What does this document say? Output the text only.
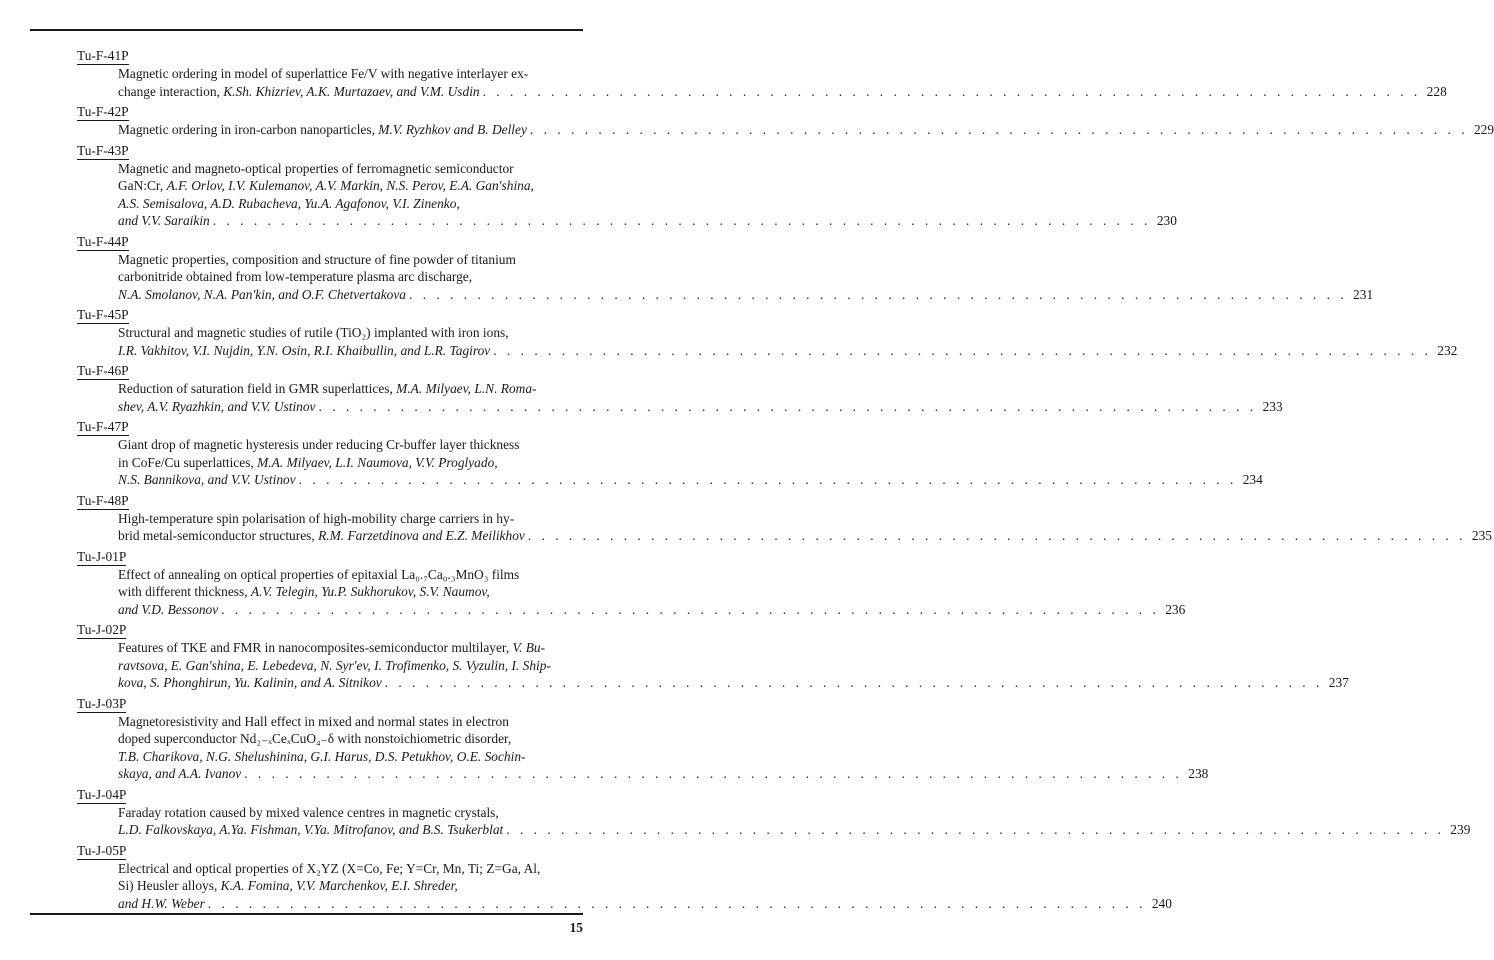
Tu-F-41P
Magnetic ordering in model of superlattice Fe/V with negative interlayer ex-
change interaction, K.Sh. Khizriev, A.K. Murtazaev, and V.M. Usdin . . . . . . . . . . . . . . . . . . . . . . . . . . . . . . . . . . . . . . . . . . . . . . . . . . . . . . . . . . . . . . . . . . . . . 228
Tu-F-42P
Magnetic ordering in iron-carbon nanoparticles, M.V. Ryzhkov and B. Delley . . . . . . . . . . . . . . . . . . . . . . . . . . . . . . . . . . . . . . . . . . . . . . . . . . . . . . . . . . . . . . . . . . . . . 229
Tu-F-43P
Magnetic and magneto-optical properties of ferromagnetic semiconductor
GaN:Cr, A.F. Orlov, I.V. Kulemanov, A.V. Markin, N.S. Perov, E.A. Gan'shina,
A.S. Semisalova, A.D. Rubacheva, Yu.A. Agafonov, V.I. Zinenko,
and V.V. Saraikin . . . . . . . . . . . . . . . . . . . . . . . . . . . . . . . . . . . . . . . . . . . . . . . . . . . . . . . . . . . . . . . . . . . . . 230
Tu-F-44P
Magnetic properties, composition and structure of fine powder of titanium
carbonitride obtained from low-temperature plasma arc discharge,
N.A. Smolanov, N.A. Pan'kin, and O.F. Chetvertakova . . . . . . . . . . . . . . . . . . . . . . . . . . . . . . . . . . . . . . . . . . . . . . . . . . . . . . . . . . . . . . . . . . . . . 231
Tu-F-45P
Structural and magnetic studies of rutile (TiO₂) implanted with iron ions,
I.R. Vakhitov, V.I. Nujdin, Y.N. Osin, R.I. Khaibullin, and L.R. Tagirov . . . . . . . . . . . . . . . . . . . . . . . . . . . . . . . . . . . . . . . . . . . . . . . . . . . . . . . . . . . . . . . . . . . . . 232
Tu-F-46P
Reduction of saturation field in GMR superlattices, M.A. Milyaev, L.N. Roma-
shev, A.V. Ryazhkin, and V.V. Ustinov . . . . . . . . . . . . . . . . . . . . . . . . . . . . . . . . . . . . . . . . . . . . . . . . . . . . . . . . . . . . . . . . . . . . . 233
Tu-F-47P
Giant drop of magnetic hysteresis under reducing Cr-buffer layer thickness
in CoFe/Cu superlattices, M.A. Milyaev, L.I. Naumova, V.V. Proglyado,
N.S. Bannikova, and V.V. Ustinov . . . . . . . . . . . . . . . . . . . . . . . . . . . . . . . . . . . . . . . . . . . . . . . . . . . . . . . . . . . . . . . . . . . . . 234
Tu-F-48P
High-temperature spin polarisation of high-mobility charge carriers in hy-
brid metal-semiconductor structures, R.M. Farzetdinova and E.Z. Meilikhov . . . . . . . . . . . . . . . . . . . . . . . . . . . . . . . . . . . . . . . . . . . . . . . . . . . . . . . . . . . . . . . . . . . . . 235
Tu-J-01P
Effect of annealing on optical properties of epitaxial La₀.₇Ca₀.₃MnO₃ films
with different thickness, A.V. Telegin, Yu.P. Sukhorukov, S.V. Naumov,
and V.D. Bessonov . . . . . . . . . . . . . . . . . . . . . . . . . . . . . . . . . . . . . . . . . . . . . . . . . . . . . . . . . . . . . . . . . . . . . 236
Tu-J-02P
Features of TKE and FMR in nanocomposites-semiconductor multilayer, V. Bu-
ravtsova, E. Gan'shina, E. Lebedeva, N. Syr'ev, I. Trofimenko, S. Vyzulin, I. Ship-
kova, S. Phonghirun, Yu. Kalinin, and A. Sitnikov . . . . . . . . . . . . . . . . . . . . . . . . . . . . . . . . . . . . . . . . . . . . . . . . . . . . . . . . . . . . . . . . . . . . . 237
Tu-J-03P
Magnetoresistivity and Hall effect in mixed and normal states in electron
doped superconductor Nd₂₋ₓCeₓCuO₄₋δ with nonstoichiometric disorder,
T.B. Charikova, N.G. Shelushinina, G.I. Harus, D.S. Petukhov, O.E. Sochin-
skaya, and A.A. Ivanov . . . . . . . . . . . . . . . . . . . . . . . . . . . . . . . . . . . . . . . . . . . . . . . . . . . . . . . . . . . . . . . . . . . . . 238
Tu-J-04P
Faraday rotation caused by mixed valence centres in magnetic crystals,
L.D. Falkovskaya, A.Ya. Fishman, V.Ya. Mitrofanov, and B.S. Tsukerblat . . . . . . . . . . . . . . . . . . . . . . . . . . . . . . . . . . . . . . . . . . . . . . . . . . . . . . . . . . . . . . . . . . . . . 239
Tu-J-05P
Electrical and optical properties of X₂YZ (X=Co, Fe; Y=Cr, Mn, Ti; Z=Ga, Al,
Si) Heusler alloys, K.A. Fomina, V.V. Marchenkov, E.I. Shreder,
and H.W. Weber . . . . . . . . . . . . . . . . . . . . . . . . . . . . . . . . . . . . . . . . . . . . . . . . . . . . . . . . . . . . . . . . . . . . . 240
15
